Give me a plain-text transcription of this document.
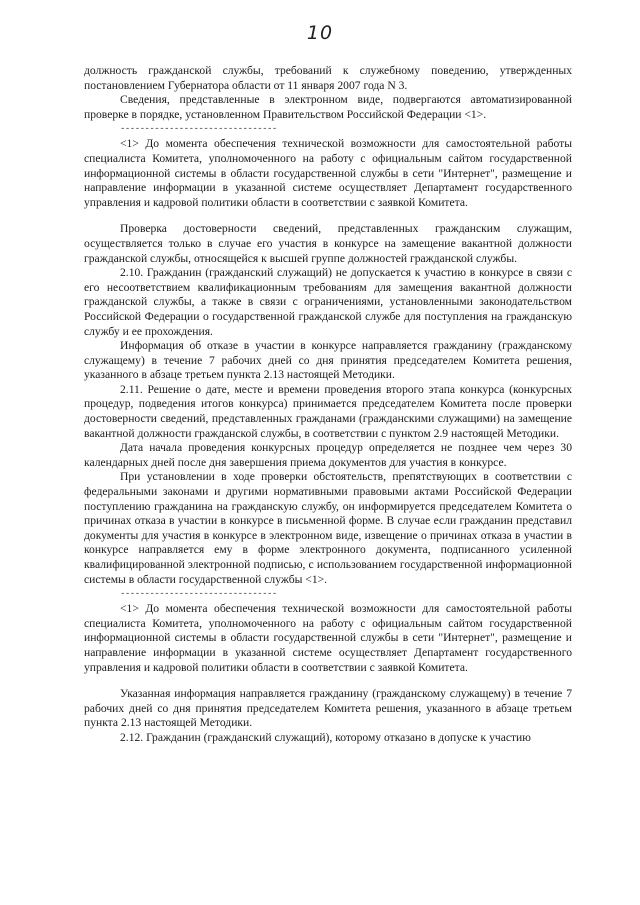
10

должность гражданской службы, требований к служебному поведению, утвержденных постановлением Губернатора области от 11 января 2007 года N 3.

Сведения, представленные в электронном виде, подвергаются автоматизированной проверке в порядке, установленном Правительством Российской Федерации <1>.

--------------------------------

<1> До момента обеспечения технической возможности для самостоятельной работы специалиста Комитета, уполномоченного на работу с официальным сайтом государственной информационной системы в области государственной службы в сети "Интернет", размещение и направление информации в указанной системе осуществляет Департамент государственного управления и кадровой политики области в соответствии с заявкой Комитета.

Проверка достоверности сведений, представленных гражданским служащим, осуществляется только в случае его участия в конкурсе на замещение вакантной должности гражданской службы, относящейся к высшей группе должностей гражданской службы.

2.10. Гражданин (гражданский служащий) не допускается к участию в конкурсе в связи с его несоответствием квалификационным требованиям для замещения вакантной должности гражданской службы, а также в связи с ограничениями, установленными законодательством Российской Федерации о государственной гражданской службе для поступления на гражданскую службу и ее прохождения.

Информация об отказе в участии в конкурсе направляется гражданину (гражданскому служащему) в течение 7 рабочих дней со дня принятия председателем Комитета решения, указанного в абзаце третьем пункта 2.13 настоящей Методики.

2.11. Решение о дате, месте и времени проведения второго этапа конкурса (конкурсных процедур, подведения итогов конкурса) принимается председателем Комитета после проверки достоверности сведений, представленных гражданами (гражданскими служащими) на замещение вакантной должности гражданской службы, в соответствии с пунктом 2.9 настоящей Методики.

Дата начала проведения конкурсных процедур определяется не позднее чем через 30 календарных дней после дня завершения приема документов для участия в конкурсе.

При установлении в ходе проверки обстоятельств, препятствующих в соответствии с федеральными законами и другими нормативными правовыми актами Российской Федерации поступлению гражданина на гражданскую службу, он информируется председателем Комитета о причинах отказа в участии в конкурсе в письменной форме. В случае если гражданин представил документы для участия в конкурсе в электронном виде, извещение о причинах отказа в участии в конкурсе направляется ему в форме электронного документа, подписанного усиленной квалифицированной электронной подписью, с использованием государственной информационной системы в области государственной службы <1>.

--------------------------------

<1> До момента обеспечения технической возможности для самостоятельной работы специалиста Комитета, уполномоченного на работу с официальным сайтом государственной информационной системы в области государственной службы в сети "Интернет", размещение и направление информации в указанной системе осуществляет Департамент государственного управления и кадровой политики области в соответствии с заявкой Комитета.

Указанная информация направляется гражданину (гражданскому служащему) в течение 7 рабочих дней со дня принятия председателем Комитета решения, указанного в абзаце третьем пункта 2.13 настоящей Методики.

2.12. Гражданин (гражданский служащий), которому отказано в допуске к участию
